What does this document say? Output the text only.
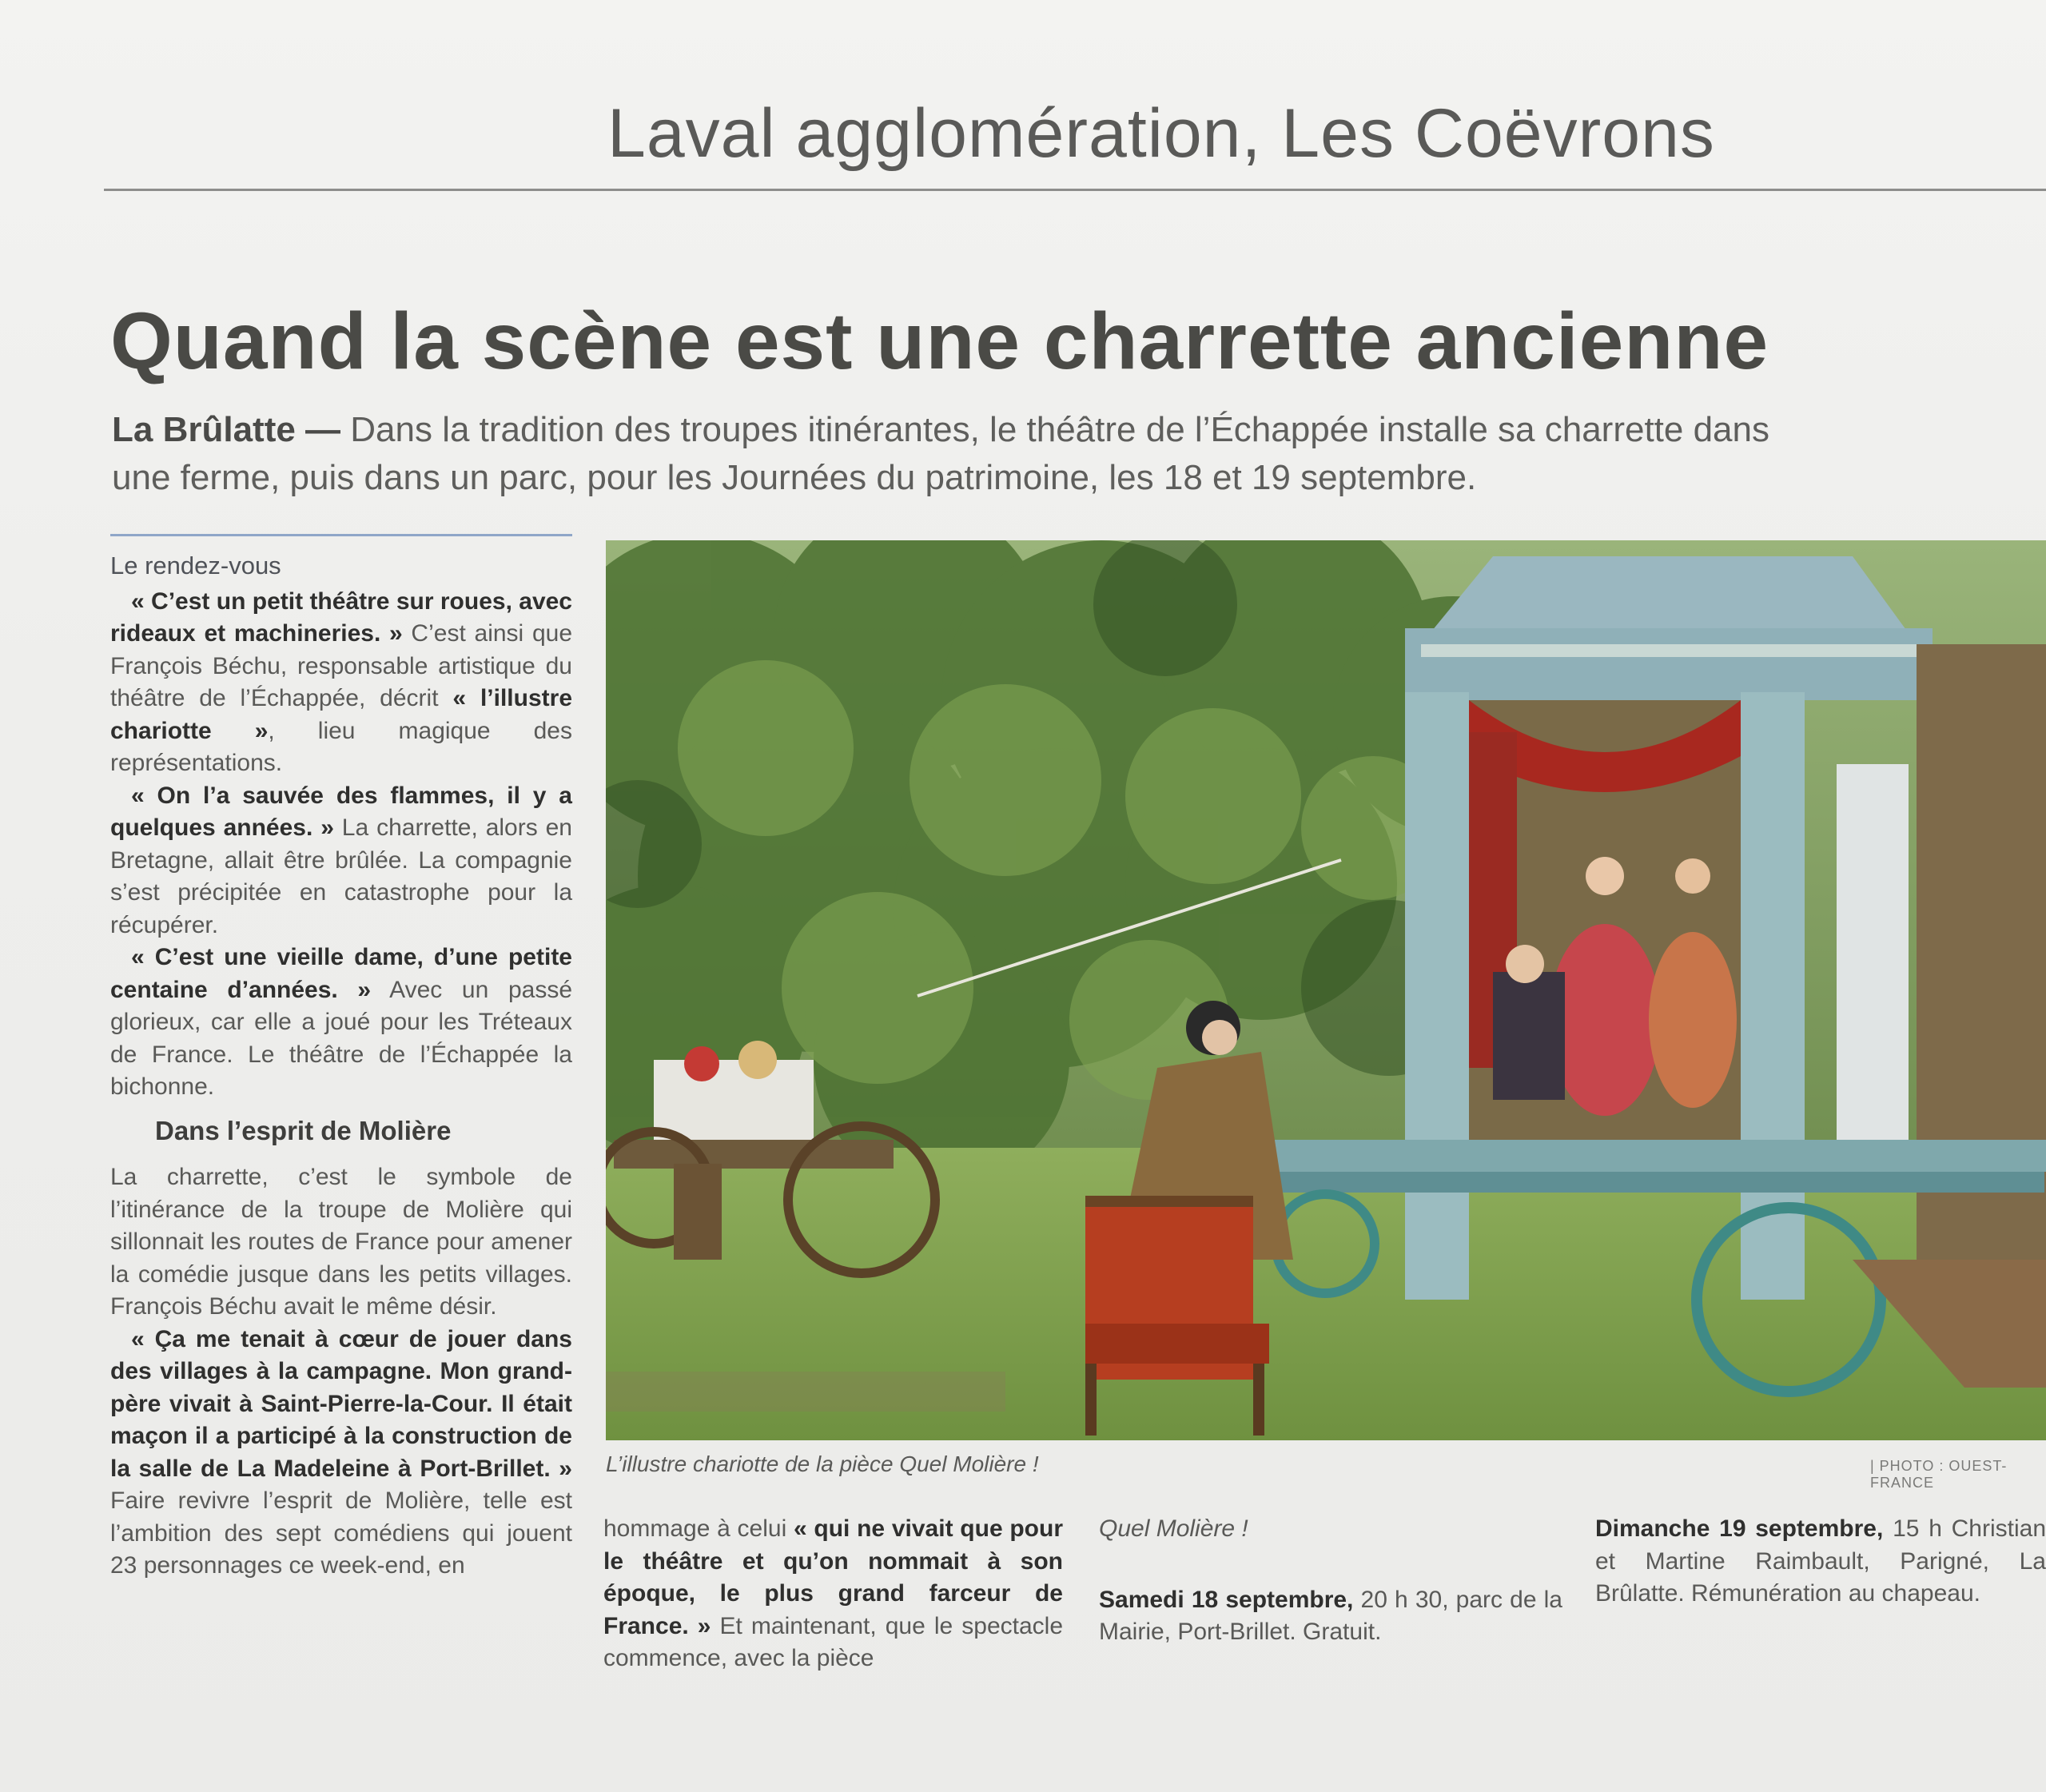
Laval agglomération, Les Coëvrons
Quand la scène est une charrette ancienne
La Brûlatte — Dans la tradition des troupes itinérantes, le théâtre de l’Échappée installe sa charrette dans une ferme, puis dans un parc, pour les Journées du patrimoine, les 18 et 19 septembre.

Le rendez-vous

« C’est un petit théâtre sur roues, avec rideaux et machineries. » C’est ainsi que François Béchu, responsable artistique du théâtre de l’Échappée, décrit « l’illustre chariotte », lieu magique des représentations.

« On l’a sauvée des flammes, il y a quelques années. » La charrette, alors en Bretagne, allait être brûlée. La compagnie s’est précipitée en catastrophe pour la récupérer.

« C’est une vieille dame, d’une petite centaine d’années. » Avec un passé glorieux, car elle a joué pour les Tréteaux de France. Le théâtre de l’Échappée la bichonne.

Dans l’esprit de Molière

La charrette, c’est le symbole de l’itinérance de la troupe de Molière qui sillonnait les routes de France pour amener la comédie jusque dans les petits villages. François Béchu avait le même désir.

« Ça me tenait à cœur de jouer dans des villages à la campagne. Mon grand-père vivait à Saint-Pierre-la-Cour. Il était maçon il a participé à la construction de la salle de La Madeleine à Port-Brillet. » Faire revivre l’esprit de Molière, telle est l’ambition des sept comédiens qui jouent 23 personnages ce week-end, en

L’illustre chariotte de la pièce Quel Molière !	| PHOTO : OUEST-FRANCE

hommage à celui « qui ne vivait que pour le théâtre et qu’on nommait à son époque, le plus grand farceur de France. » Et maintenant, que le spectacle commence, avec la pièce

Quel Molière !

Samedi 18 septembre, 20 h 30, parc de la Mairie, Port-Brillet. Gratuit.

Dimanche 19 septembre, 15 h Christian et Martine Raimbault, Parigné, La Brûlatte. Rémunération au chapeau.
